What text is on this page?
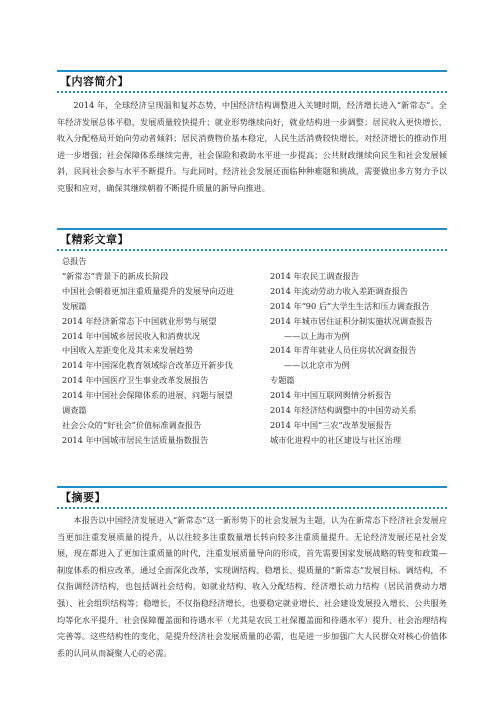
【内容简介】

2014 年，全球经济呈现温和复苏态势，中国经济结构调整进入关键时期，经济增长进入“新常态”。全年经济发展总体平稳，发展质量较快提升；就业形势继续向好，就业结构进一步调整；居民收入更快增长，收入分配格局开始向劳动者倾斜；居民消费物价基本稳定，人民生活消费较快增长，对经济增长的推动作用进一步增强；社会保障体系继续完善，社会保险和救助水平进一步提高；公共财政继续向民生和社会发展倾斜，民间社会参与水平不断提升。与此同时，经济社会发展还面临种种难题和挑战，需要做出多方努力予以克服和应对，确保其继续朝着不断提升质量的新导向推进。

【精彩文章】
总报告
“新常态”背景下的新成长阶段
中国社会朝着更加注重质量提升的发展导向迈进
发展篇
2014 年经济新常态下中国就业形势与展望
2014 年中国城乡居民收入和消费状况
中国收入差距变化及其未来发展趋势
2014 年中国深化教育领域综合改革迈开新步伐
2014 年中国医疗卫生事业改革发展报告
2014 年中国社会保障体系的进展、问题与展望
调查篇
社会公众的“好社会”价值标准调查报告
2014 年中国城市居民生活质量指数报告

2014 年农民工调查报告
2014 年流动劳动力收入差距调查报告
2014 年“90 后”大学生生活和压力调查报告
2014 年城市居住证积分制实施状况调查报告
——以上海市为例
2014 年青年就业人员住房状况调查报告
——以北京市为例
专题篇
2014 年中国互联网舆情分析报告
2014 年经济结构调整中的中国劳动关系
2014 年中国“三农”改革发展报告
城市化进程中的社区建设与社区治理
【摘要】

本报告以中国经济发展进入“新常态”这一新形势下的社会发展为主题，认为在新常态下经济社会发展应当更加注重发展质量的提升，从以往较多注重数量增长转向较多注重质量提升。无论经济发展还是社会发展，现在都进入了更加注重质量的时代，注重发展质量导向的形成，首先需要国家发展战略的转变和政策—制度体系的相应改革，通过全面深化改革，实现调结构、稳增长、提质量的“新常态”发展目标。调结构，不仅指调经济结构，也包括调社会结构，如就业结构、收入分配结构、经济增长动力结构（居民消费动力增强）、社会组织结构等；稳增长，不仅指稳经济增长，也要稳定就业增长、社会建设发展投入增长、公共服务均等化水平提升、社会保障覆盖面和待遇水平（尤其是农民工社保覆盖面和待遇水平）提升、社会治理结构完善等。这些结构性的变化，是提升经济社会发展质量的必需，也是进一步加强广大人民群众对核心价值体系的认同从而凝聚人心的必需。
